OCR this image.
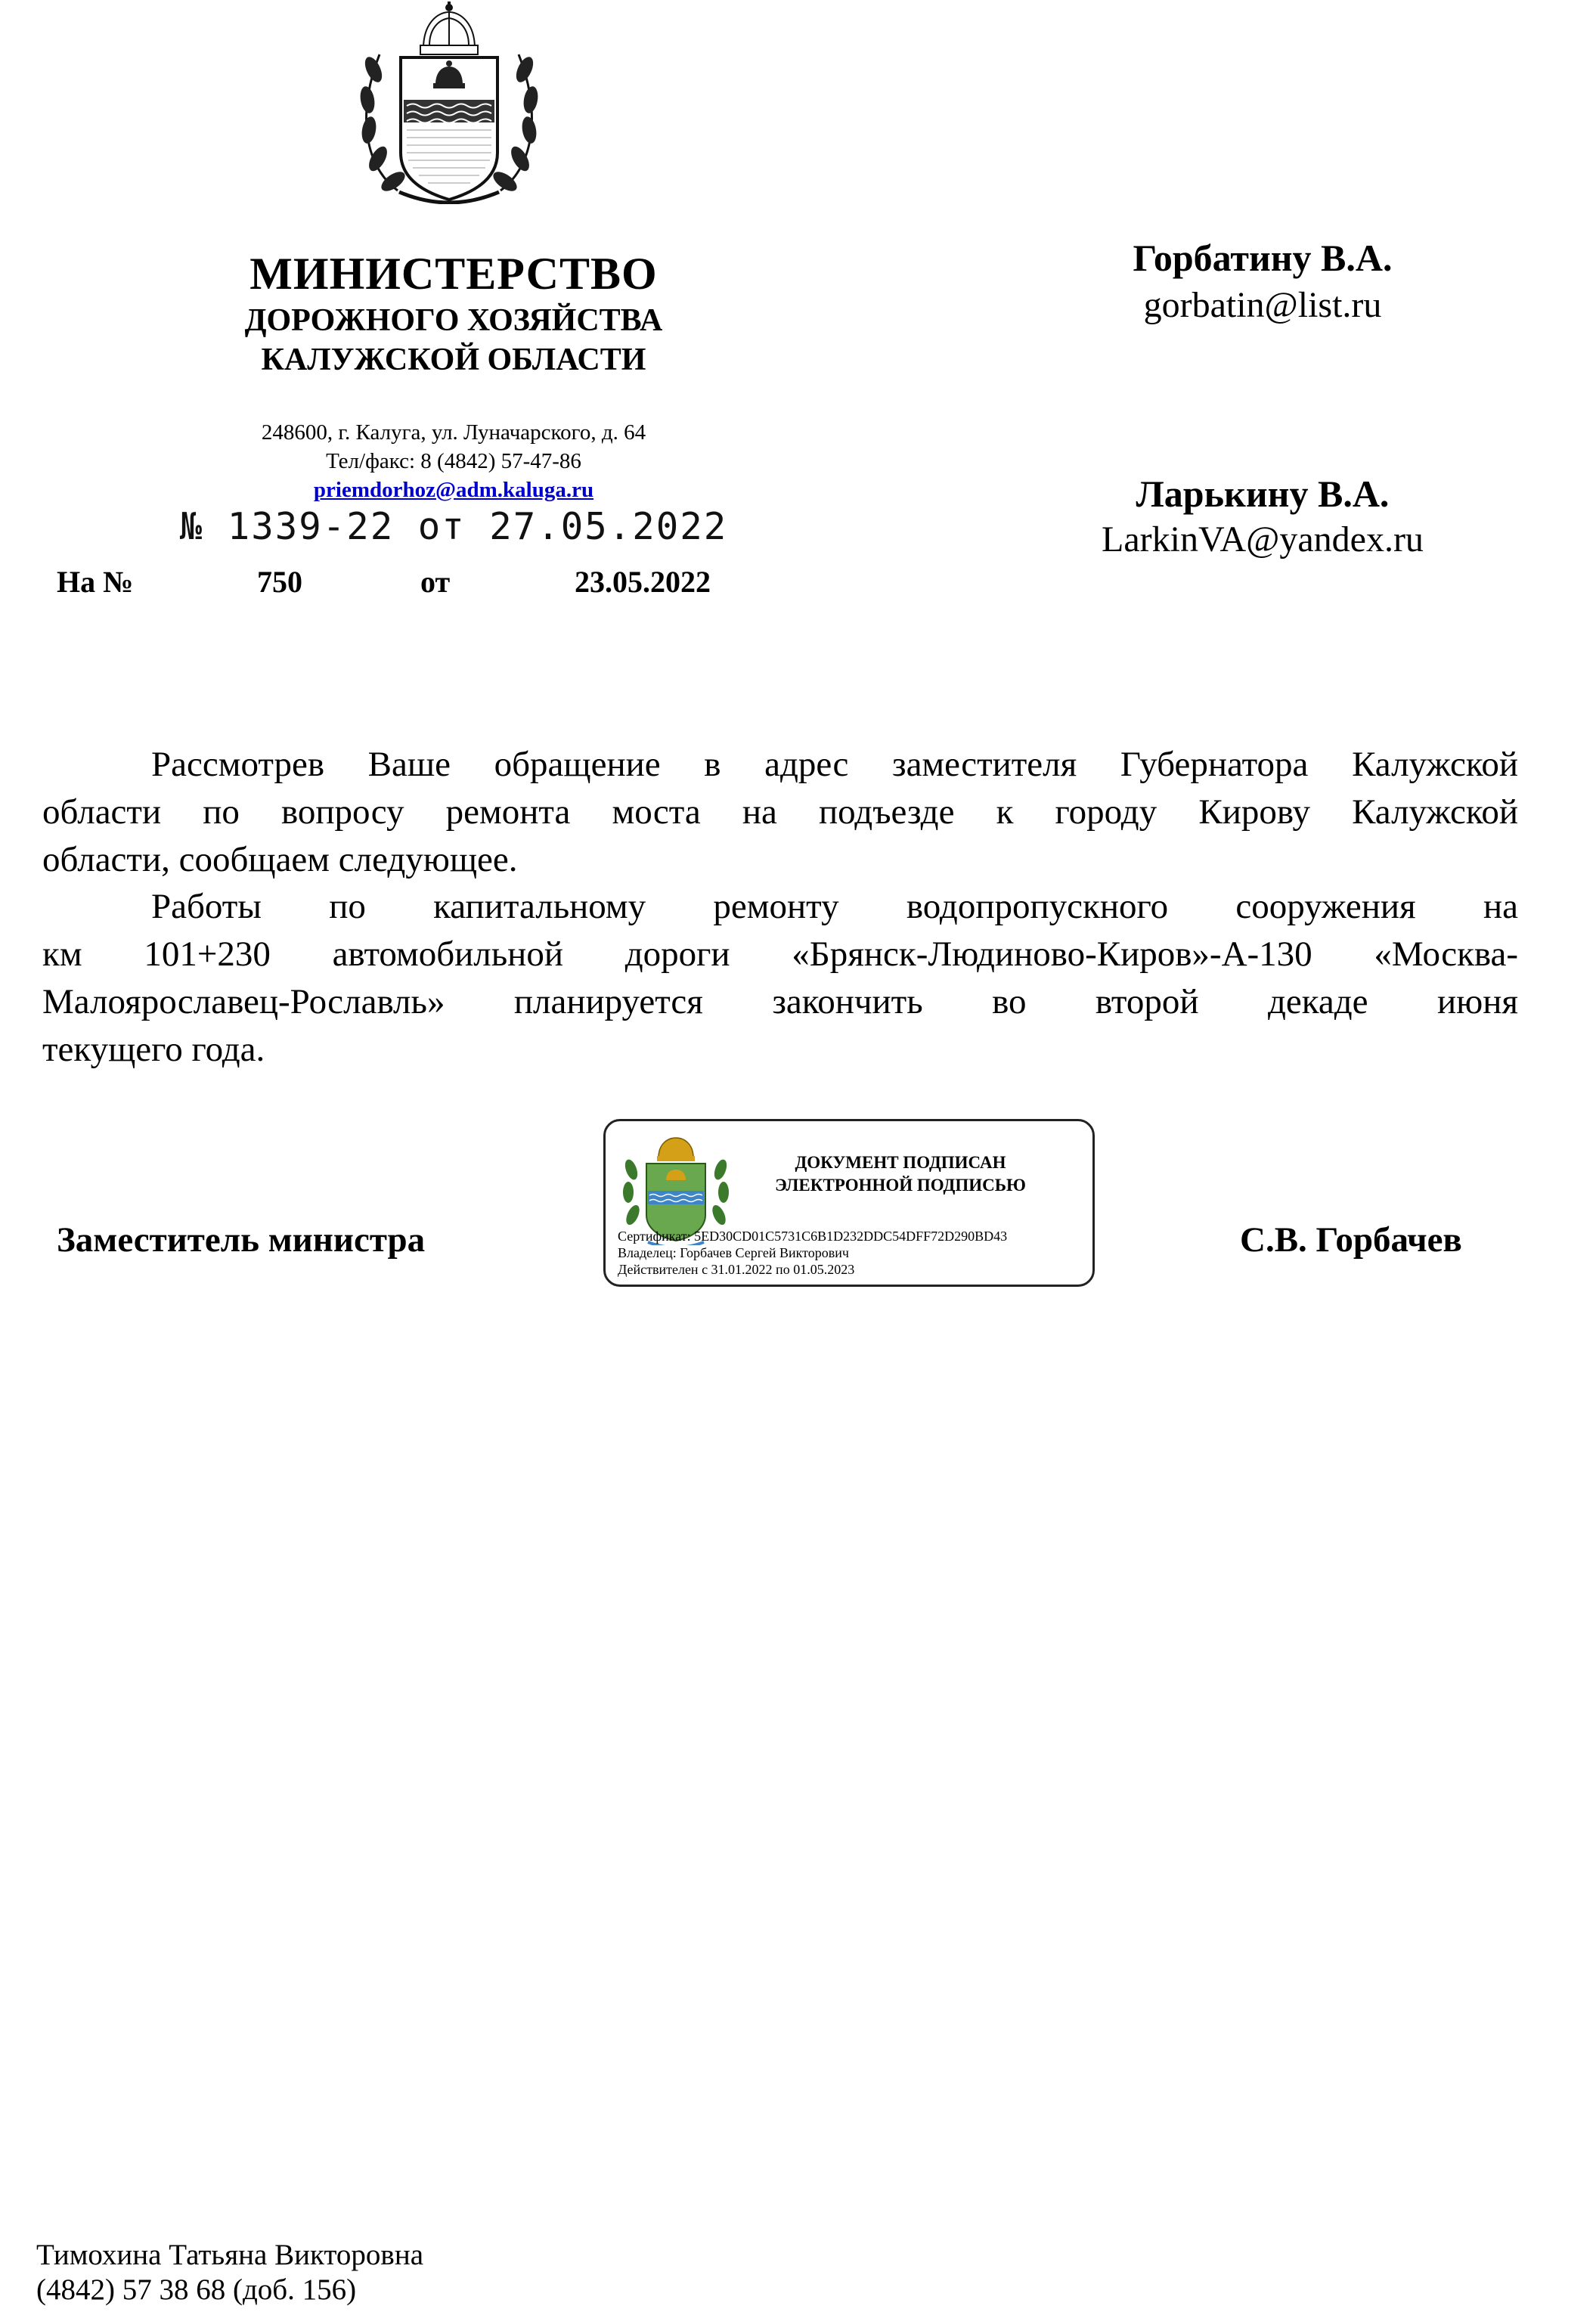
МИНИСТЕРСТВО
ДОРОЖНОГО ХОЗЯЙСТВА
КАЛУЖСКОЙ ОБЛАСТИ
248600, г. Калуга, ул. Луначарского, д. 64
Тел/факс: 8 (4842) 57-47-86
priemdorhoz@adm.kaluga.ru
№ 1339-22 от 27.05.2022
На №	750	от	23.05.2022
Горбатину В.А.
gorbatin@list.ru
Ларькину В.А.
LarkinVA@yandex.ru
Рассмотрев Ваше обращение в адрес заместителя Губернатора Калужской
области по вопросу ремонта моста на подъезде к городу Кирову Калужской
области, сообщаем следующее.
Работы по капитальному ремонту водопропускного сооружения на
км 101+230 автомобильной дороги «Брянск-Людиново-Киров»-А-130 «Москва-
Малоярославец-Рославль» планируется закончить во второй декаде июня
текущего года.
Заместитель министра	С.В. Горбачев
ДОКУМЕНТ ПОДПИСАН
ЭЛЕКТРОННОЙ ПОДПИСЬЮ
Сертификат: 5ED30CD01C5731C6B1D232DDC54DFF72D290BD43
Владелец: Горбачев Сергей Викторович
Действителен с 31.01.2022 по 01.05.2023
Тимохина Татьяна Викторовна
(4842) 57 38 68 (доб. 156)
